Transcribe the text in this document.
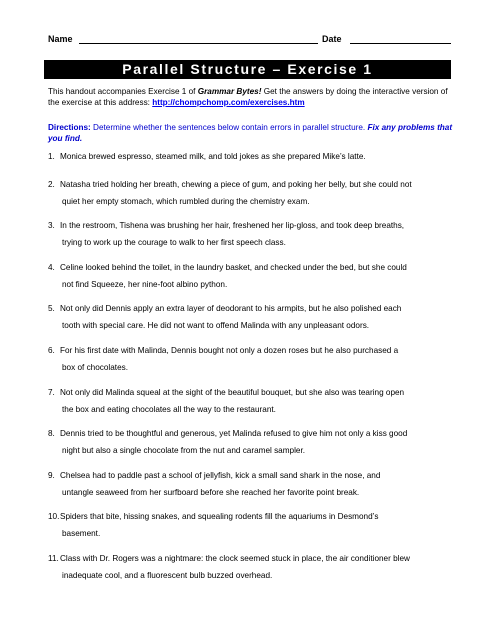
Name	Date
Parallel Structure – Exercise 1
This handout accompanies Exercise 1 of Grammar Bytes! Get the answers by doing the interactive version of the exercise at this address: http://chompchomp.com/exercises.htm
Directions: Determine whether the sentences below contain errors in parallel structure. Fix any problems that you find.
1. Monica brewed espresso, steamed milk, and told jokes as she prepared Mike’s latte.
2. Natasha tried holding her breath, chewing a piece of gum, and poking her belly, but she could not
quiet her empty stomach, which rumbled during the chemistry exam.
3. In the restroom, Tishena was brushing her hair, freshened her lip-gloss, and took deep breaths,
trying to work up the courage to walk to her first speech class.
4. Celine looked behind the toilet, in the laundry basket, and checked under the bed, but she could
not find Squeeze, her nine-foot albino python.
5. Not only did Dennis apply an extra layer of deodorant to his armpits, but he also polished each
tooth with special care. He did not want to offend Malinda with any unpleasant odors.
6. For his first date with Malinda, Dennis bought not only a dozen roses but he also purchased a
box of chocolates.
7. Not only did Malinda squeal at the sight of the beautiful bouquet, but she also was tearing open
the box and eating chocolates all the way to the restaurant.
8. Dennis tried to be thoughtful and generous, yet Malinda refused to give him not only a kiss good
night but also a single chocolate from the nut and caramel sampler.
9. Chelsea had to paddle past a school of jellyfish, kick a small sand shark in the nose, and
untangle seaweed from her surfboard before she reached her favorite point break.
10.Spiders that bite, hissing snakes, and squealing rodents fill the aquariums in Desmond’s
basement.
11.Class with Dr. Rogers was a nightmare: the clock seemed stuck in place, the air conditioner blew
inadequate cool, and a fluorescent bulb buzzed overhead.
